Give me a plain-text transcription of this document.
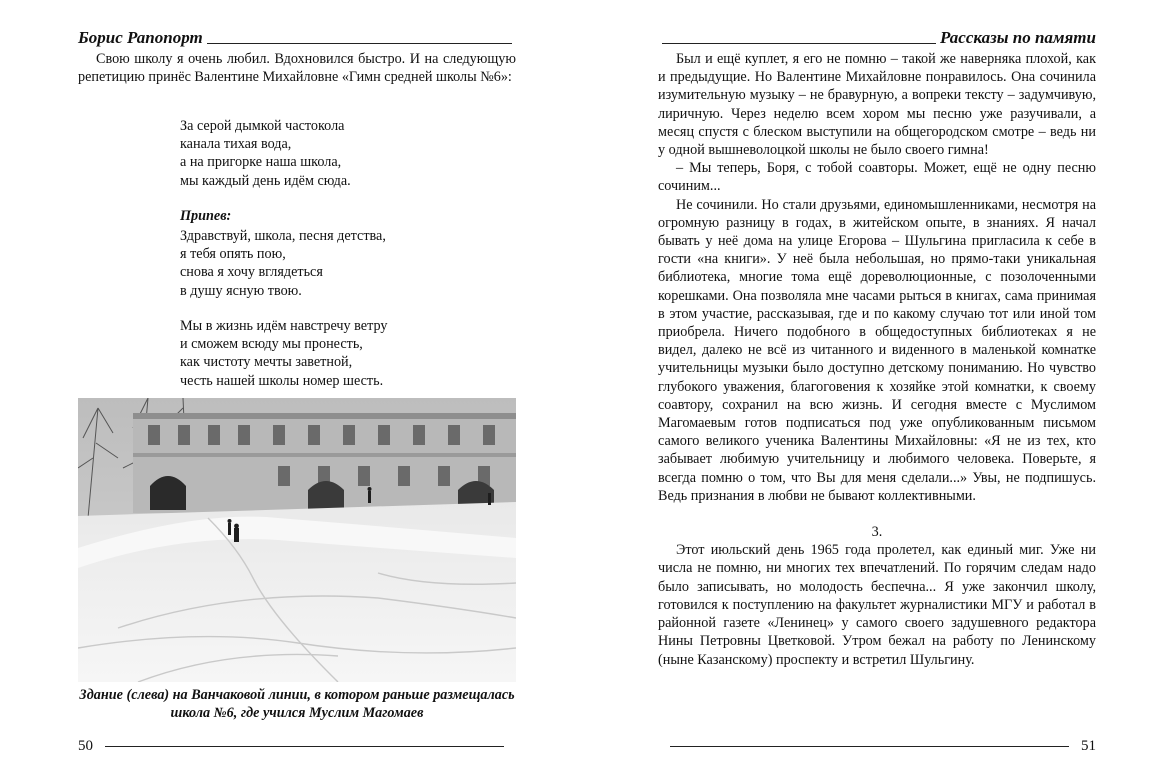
Борис Рапопорт

Свою школу я очень любил. Вдохновился быстро. И на следующую репетицию принёс Валентине Михайловне «Гимн средней школы №6»:

За серой дымкой частокола
канала тихая вода,
а на пригорке наша школа,
мы каждый день идём сюда.
Припев:
Здравствуй, школа, песня детства,
я тебя опять пою,
снова я хочу вглядеться
в душу ясную твою.
Мы в жизнь идём навстречу ветру
и сможем всюду мы пронесть,
как чистоту мечты заветной,
честь нашей школы номер шесть.
Здание (слева) на Ванчаковой линии, в котором раньше размещалась школа №6, где учился Муслим Магомаев
50
Рассказы по памяти

Был и ещё куплет, я его не помню – такой же наверняка плохой, как и предыдущие. Но Валентине Михайловне понравилось. Она сочинила изумительную музыку – не бравурную, а вопреки тексту – задумчивую, лиричную. Через неделю всем хором мы песню уже разучивали, а месяц спустя с блеском выступили на общегородском смотре – ведь ни у одной вышневолоцкой школы не было своего гимна!

– Мы теперь, Боря, с тобой соавторы. Может, ещё не одну песню сочиним...

Не сочинили. Но стали друзьями, единомышленниками, несмотря на огромную разницу в годах, в житейском опыте, в знаниях. Я начал бывать у неё дома на улице Егорова – Шульгина пригласила к себе в гости «на книги». У неё была небольшая, но прямо-таки уникальная библиотека, многие тома ещё дореволюционные, с позолоченными корешками. Она позволяла мне часами рыться в книгах, сама принимая в этом участие, рассказывая, где и по какому случаю тот или иной том приобрела. Ничего подобного в общедоступных библиотеках я не видел, далеко не всё из читанного и виденного в маленькой комнатке учительницы музыки было доступно детскому пониманию. Но чувство глубокого уважения, благоговения к хозяйке этой комнатки, к своему соавтору, сохранил на всю жизнь. И сегодня вместе с Муслимом Магомаевым готов подписаться под уже опубликованным письмом самого великого ученика Валентины Михайловны: «Я не из тех, кто забывает любимую учительницу и любимого человека. Поверьте, я всегда помню о том, что Вы для меня сделали...» Увы, не подпишусь. Ведь признания в любви не бывают коллективными.

3.

Этот июльский день 1965 года пролетел, как единый миг. Уже ни числа не помню, ни многих тех впечатлений. По горячим следам надо было записывать, но молодость беспечна... Я уже закончил школу, готовился к поступлению на факультет журналистики МГУ и работал в районной газете «Ленинец» у самого своего задушевного редактора Нины Петровны Цветковой. Утром бежал на работу по Ленинскому (ныне Казанскому) проспекту и встретил Шульгину.

51
